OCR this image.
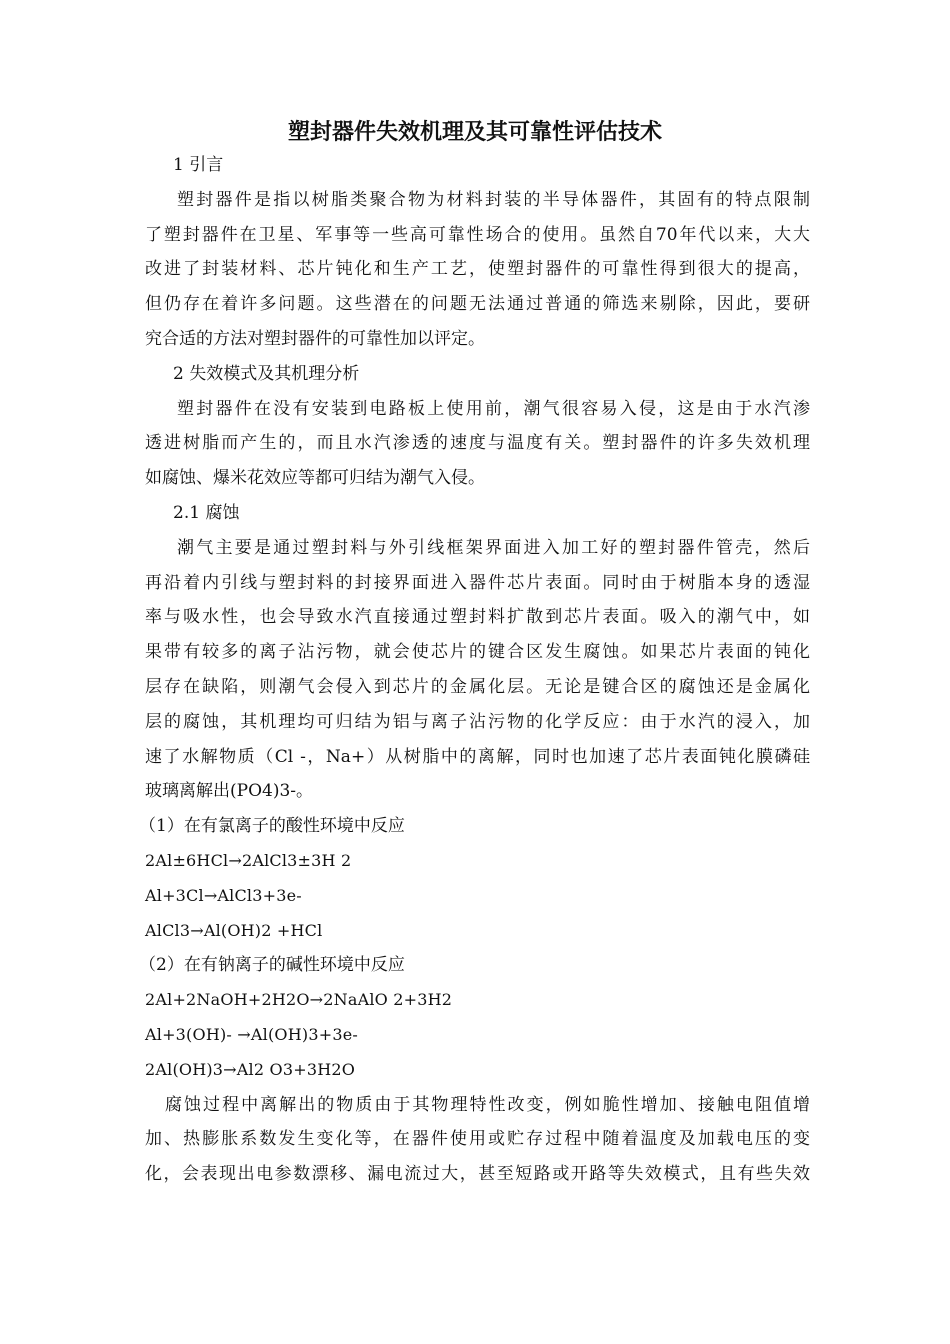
塑封器件失效机理及其可靠性评估技术

1 引言

塑封器件是指以树脂类聚合物为材料封装的半导体器件，其固有的特点限制
了塑封器件在卫星、军事等一些高可靠性场合的使用。虽然自70年代以来，大大
改进了封装材料、芯片钝化和生产工艺，使塑封器件的可靠性得到很大的提高，
但仍存在着许多问题。这些潜在的问题无法通过普通的筛选来剔除，因此，要研
究合适的方法对塑封器件的可靠性加以评定。

2 失效模式及其机理分析

塑封器件在没有安装到电路板上使用前，潮气很容易入侵，这是由于水汽渗
透进树脂而产生的，而且水汽渗透的速度与温度有关。塑封器件的许多失效机理
如腐蚀、爆米花效应等都可归结为潮气入侵。

2.1 腐蚀

潮气主要是通过塑封料与外引线框架界面进入加工好的塑封器件管壳，然后
再沿着内引线与塑封料的封接界面进入器件芯片表面。同时由于树脂本身的透湿
率与吸水性，也会导致水汽直接通过塑封料扩散到芯片表面。吸入的潮气中，如
果带有较多的离子沾污物，就会使芯片的键合区发生腐蚀。如果芯片表面的钝化
层存在缺陷，则潮气会侵入到芯片的金属化层。无论是键合区的腐蚀还是金属化
层的腐蚀，其机理均可归结为铝与离子沾污物的化学反应：由于水汽的浸入，加
速了水解物质（Cl -，Na+）从树脂中的离解，同时也加速了芯片表面钝化膜磷硅
玻璃离解出(PO4)3-。

（1）在有氯离子的酸性环境中反应

2Al±6HCl→2AlCl3±3H 2

Al+3Cl→AlCl3+3e-

AlCl3→Al(OH)2 +HCl

（2）在有钠离子的碱性环境中反应

2Al+2NaOH+2H2O→2NaAlO 2+3H2

Al+3(OH)- →Al(OH)3+3e-

2Al(OH)3→Al2 O3+3H2O

腐蚀过程中离解出的物质由于其物理特性改变，例如脆性增加、接触电阻值增
加、热膨胀系数发生变化等，在器件使用或贮存过程中随着温度及加载电压的变
化，会表现出电参数漂移、漏电流过大，甚至短路或开路等失效模式，且有些失效
